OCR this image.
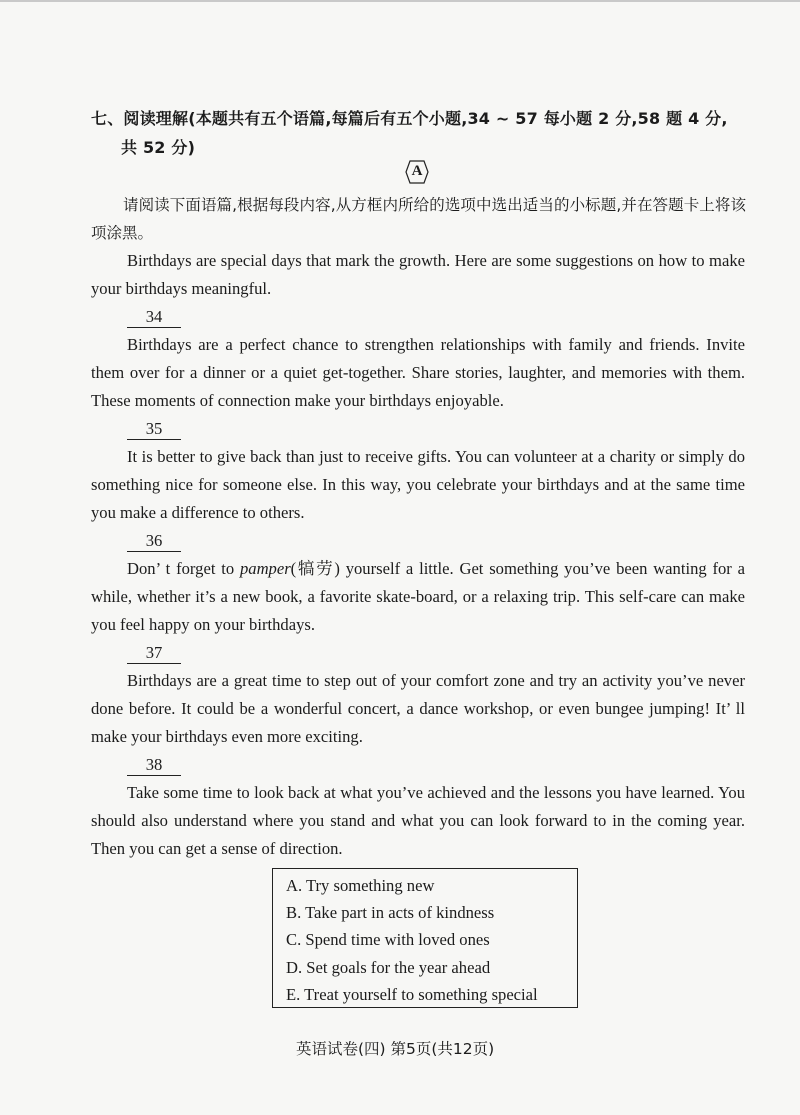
七、阅读理解(本题共有五个语篇,每篇后有五个小题,34 ~ 57 每小题 2 分,58 题 4 分,
共 52 分)
A
请阅读下面语篇,根据每段内容,从方框内所给的选项中选出适当的小标题,并在答题卡上将该项涂黑。
Birthdays are special days that mark the growth. Here are some suggestions on how to make your birthdays meaningful.
34
Birthdays are a perfect chance to strengthen relationships with family and friends. Invite them over for a dinner or a quiet get-together. Share stories, laughter, and memories with them. These moments of connection make your birthdays enjoyable.
35
It is better to give back than just to receive gifts. You can volunteer at a charity or simply do something nice for someone else. In this way, you celebrate your birthdays and at the same time you make a difference to others.
36
Don’ t forget to pamper(犒劳) yourself a little. Get something you’ve been wanting for a while, whether it’s a new book, a favorite skate-board, or a relaxing trip. This self-care can make you feel happy on your birthdays.
37
Birthdays are a great time to step out of your comfort zone and try an activity you’ve never done before. It could be a wonderful concert, a dance workshop, or even bungee jumping! It’ ll make your birthdays even more exciting.
38
Take some time to look back at what you’ve achieved and the lessons you have learned. You should also understand where you stand and what you can look forward to in the coming year. Then you can get a sense of direction.
A. Try something new
B. Take part in acts of kindness
C. Spend time with loved ones
D. Set goals for the year ahead
E. Treat yourself to something special
英语试卷(四) 第5页(共12页)
